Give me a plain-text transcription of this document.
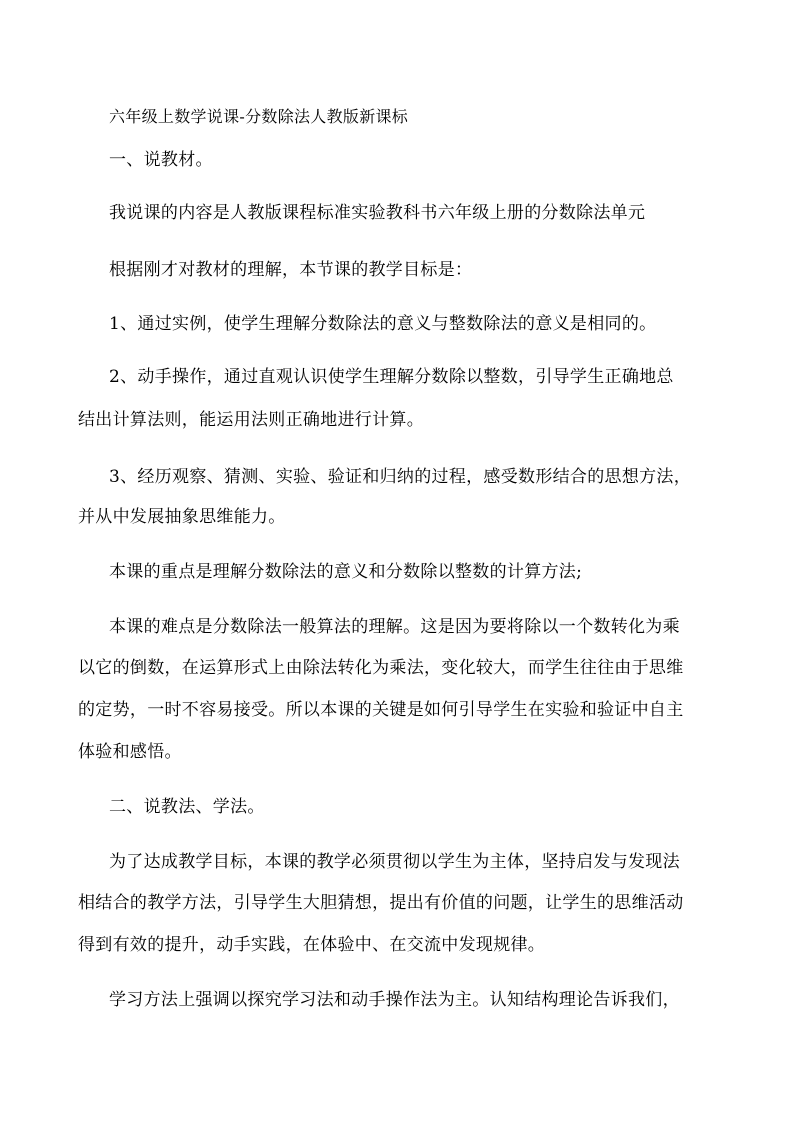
六年级上数学说课-分数除法人教版新课标
一、说教材。
我说课的内容是人教版课程标准实验教科书六年级上册的分数除法单元
根据刚才对教材的理解，本节课的教学目标是：
1、通过实例，使学生理解分数除法的意义与整数除法的意义是相同的。
2、动手操作，通过直观认识使学生理解分数除以整数，引导学生正确地总
结出计算法则，能运用法则正确地进行计算。
3、经历观察、猜测、实验、验证和归纳的过程，感受数形结合的思想方法，
并从中发展抽象思维能力。
本课的重点是理解分数除法的意义和分数除以整数的计算方法;
本课的难点是分数除法一般算法的理解。这是因为要将除以一个数转化为乘
以它的倒数，在运算形式上由除法转化为乘法，变化较大，而学生往往由于思维
的定势，一时不容易接受。所以本课的关键是如何引导学生在实验和验证中自主
体验和感悟。
二、说教法、学法。
为了达成教学目标，本课的教学必须贯彻以学生为主体，坚持启发与发现法
相结合的教学方法，引导学生大胆猜想，提出有价值的问题，让学生的思维活动
得到有效的提升，动手实践，在体验中、在交流中发现规律。
学习方法上强调以探究学习法和动手操作法为主。认知结构理论告诉我们，
